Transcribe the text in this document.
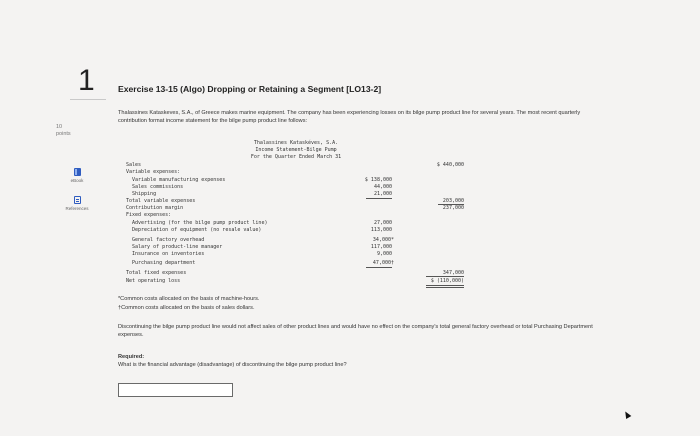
1
10
points
eBook
References
Exercise 13-15 (Algo) Dropping or Retaining a Segment [LO13-2]
Thalassines Kataskeves, S.A., of Greece makes marine equipment. The company has been experiencing losses on its bilge pump product line for several years. The most recent quarterly contribution format income statement for the bilge pump product line follows:
Thalassines Kataskéves, S.A.
Income Statement-Bilge Pump
For the Quarter Ended March 31
Sales	$ 440,000
Variable expenses:
Variable manufacturing expenses	$ 138,000
Sales commissions	44,000
Shipping	21,000
Total variable expenses	203,000
Contribution margin	237,000
Fixed expenses:
Advertising (for the bilge pump product line)	27,000
Depreciation of equipment (no resale value)	113,000
General factory overhead	34,000*
Salary of product-line manager	117,000
Insurance on inventories	9,000
Purchasing department	47,000†
Total fixed expenses	347,000
Net operating loss	$ (110,000)
*Common costs allocated on the basis of machine-hours.
†Common costs allocated on the basis of sales dollars.
Discontinuing the bilge pump product line would not affect sales of other product lines and would have no effect on the company's total general factory overhead or total Purchasing Department expenses.
Required:
What is the financial advantage (disadvantage) of discontinuing the bilge pump product line?
